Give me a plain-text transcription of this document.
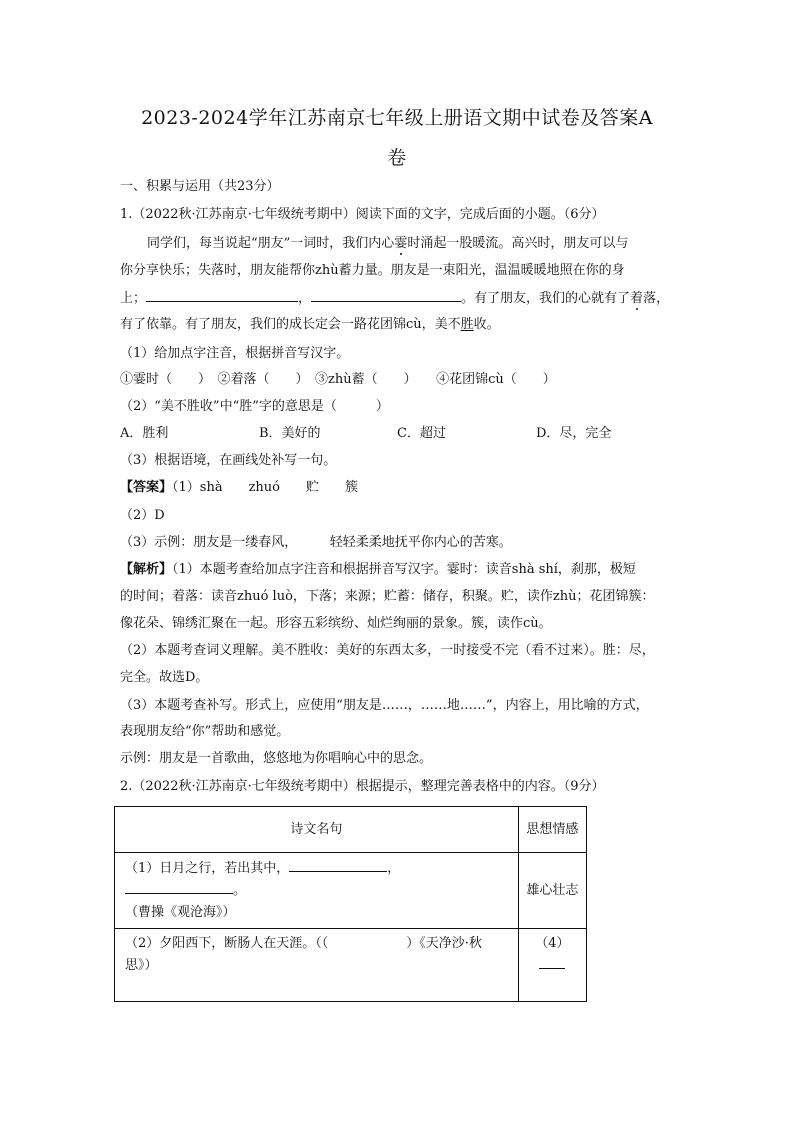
2023-2024学年江苏南京七年级上册语文期中试卷及答案A
卷
一、积累与运用（共23分）
1.（2022秋·江苏南京·七年级统考期中）阅读下面的文字，完成后面的小题。（6分）
同学们，每当说起“朋友”一词时，我们内心霎时涌起一股暖流。高兴时，朋友可以与
你分享快乐；失落时，朋友能帮你zhù蓄力量。朋友是一束阳光，温温暖暖地照在你的身
上；	，	。有了朋友，我们的心就有了着落，
有了依靠。有了朋友，我们的成长定会一路花团锦cù，美不胜收。
（1）给加点字注音，根据拼音写汉字。
①霎时（　　）　②着落（　　）　③zhù蓄（　　）　　④花团锦cù（　　）
（2）“美不胜收”中“胜”字的意思是（　　　）
A．胜利	B．美好的	C．超过	D．尽，完全
（3）根据语境，在画线处补写一句。
【答案】（1）shà　　zhuó　　贮　　簇
（2）D
（3）示例：朋友是一缕春风，　　　轻轻柔柔地抚平你内心的苦寒。
【解析】（1）本题考查给加点字注音和根据拼音写汉字。霎时：读音shà shí，刹那，极短
的时间；着落：读音zhuó luò，下落；来源；贮蓄：储存，积聚。贮，读作zhù；花团锦簇：
像花朵、锦绣汇聚在一起。形容五彩缤纷、灿烂绚丽的景象。簇，读作cù。
（2）本题考查词义理解。美不胜收：美好的东西太多，一时接受不完（看不过来）。胜：尽，
完全。故选D。
（3）本题考查补写。形式上，应使用“朋友是……，……地……”，内容上，用比喻的方式，
表现朋友给“你”帮助和感觉。
示例：朋友是一首歌曲，悠悠地为你唱响心中的思念。
2.（2022秋·江苏南京·七年级统考期中）根据提示，整理完善表格中的内容。（9分）
诗文名句	思想情感

（1）日月之行，若出其中， ，。
（曹操《观沧海》）	雄心壮志

（2）夕阳西下，断肠人在天涯。（（　　　　　　）《天净沙·秋
思》）	（4）
